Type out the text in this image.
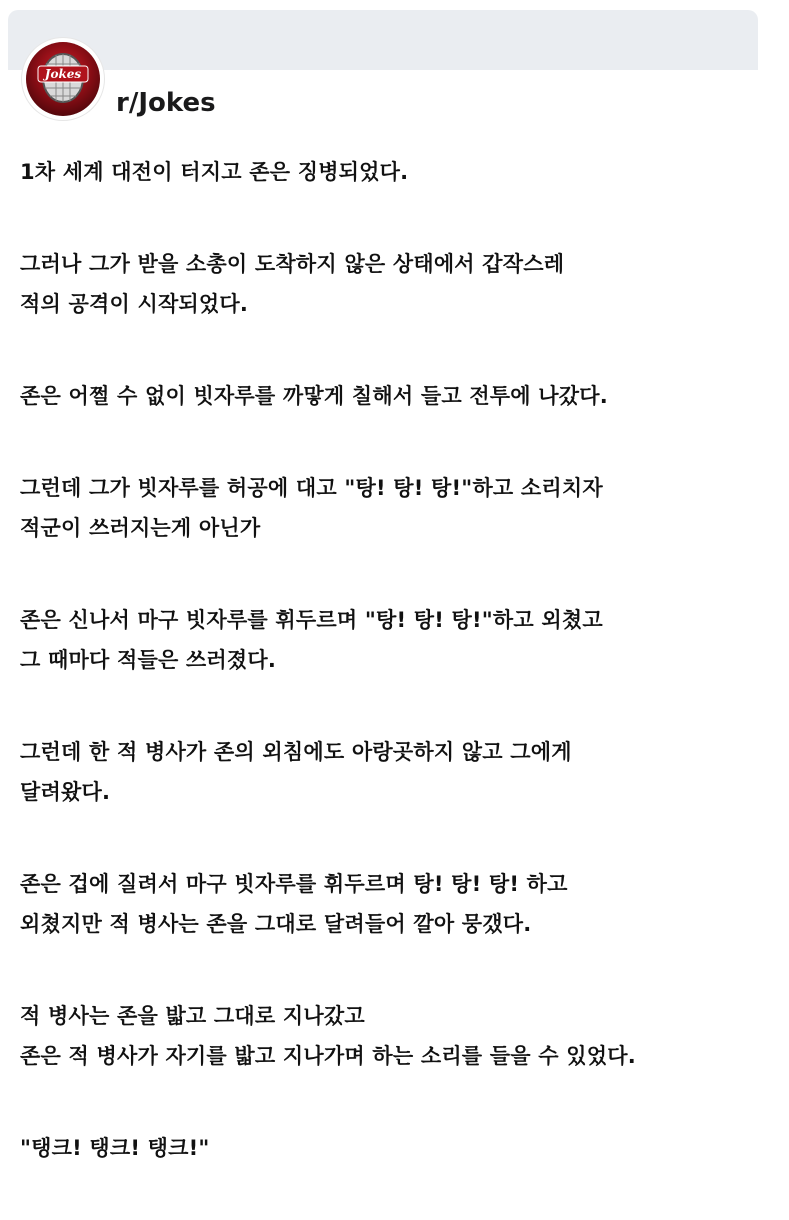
Jokes
r/Jokes
1차 세계 대전이 터지고 존은 징병되었다.
그러나 그가 받을 소총이 도착하지 않은 상태에서 갑작스레
적의 공격이 시작되었다.
존은 어쩔 수 없이 빗자루를 까맣게 칠해서 들고 전투에 나갔다.
그런데 그가 빗자루를 허공에 대고 "탕! 탕! 탕!"하고 소리치자
적군이 쓰러지는게 아닌가
존은 신나서 마구 빗자루를 휘두르며 "탕! 탕! 탕!"하고 외쳤고
그 때마다 적들은 쓰러졌다.
그런데 한 적 병사가 존의 외침에도 아랑곳하지 않고 그에게
달려왔다.
존은 겁에 질려서 마구 빗자루를 휘두르며 탕! 탕! 탕! 하고
외쳤지만 적 병사는 존을 그대로 달려들어 깔아 뭉갰다.
적 병사는 존을 밟고 그대로 지나갔고
존은 적 병사가 자기를 밟고 지나가며 하는 소리를 들을 수 있었다.
"탱크! 탱크! 탱크!"
